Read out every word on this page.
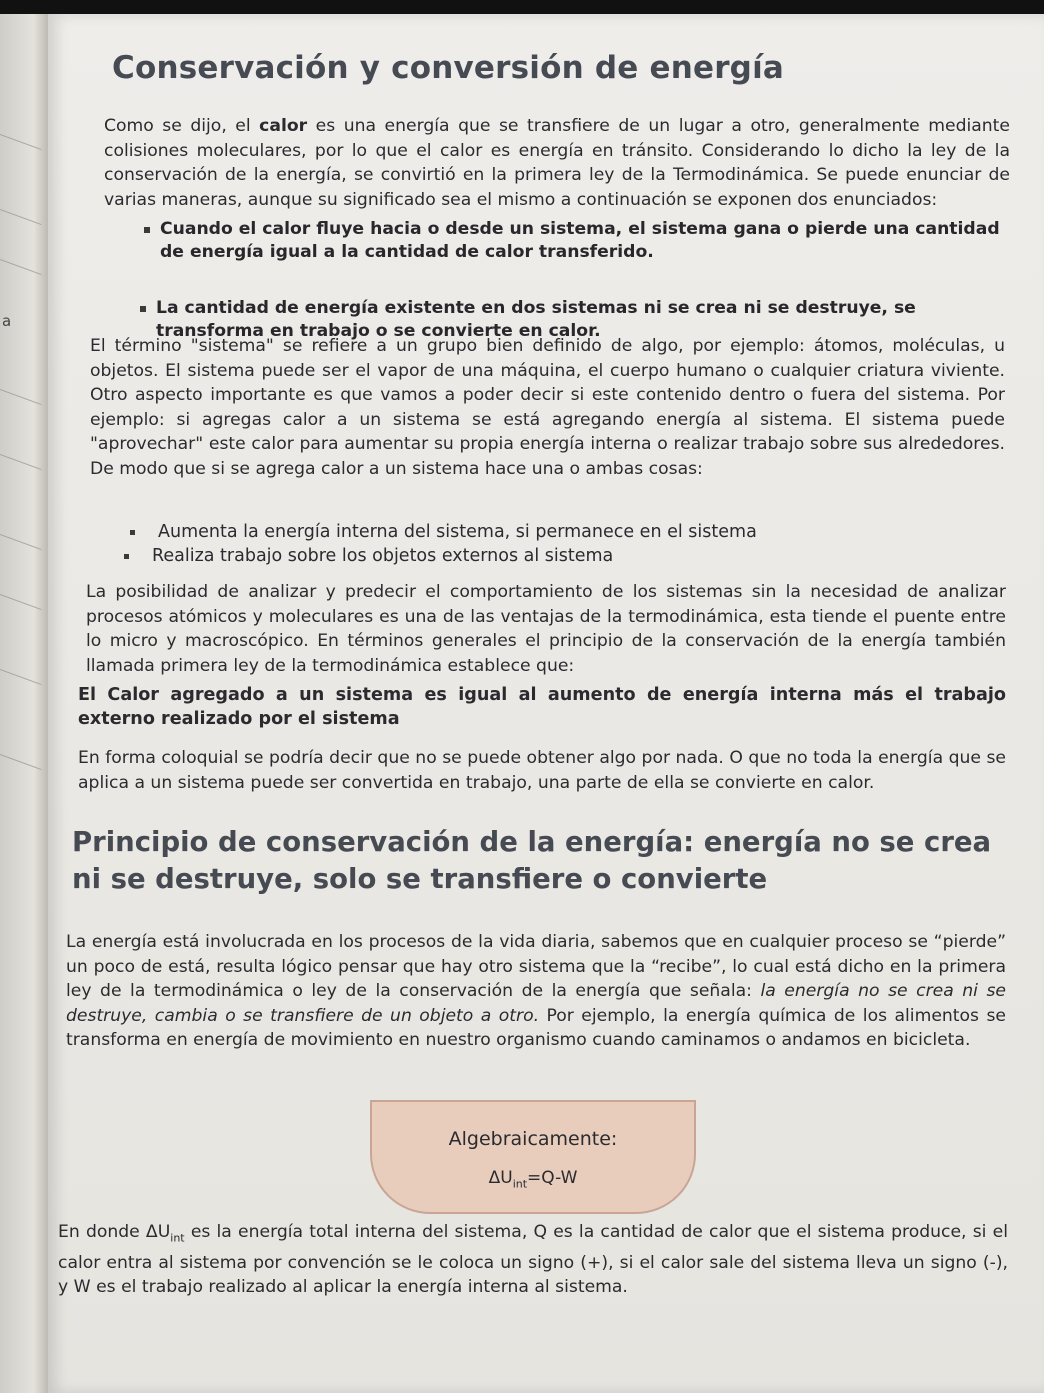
a
Conservación y conversión de energía

Como se dijo, el calor es una energía que se transfiere de un lugar a otro, generalmente mediante colisiones moleculares, por lo que el calor es energía en tránsito. Considerando lo dicho la ley de la conservación de la energía, se convirtió en la primera ley de la Termodinámica. Se puede enunciar de varias maneras, aunque su significado sea el mismo a continuación se exponen dos enunciados:

Cuando el calor fluye hacia o desde un sistema, el sistema gana o pierde una cantidad de energía igual a la cantidad de calor transferido.

La cantidad de energía existente en dos sistemas ni se crea ni se destruye, se transforma en trabajo o se convierte en calor.

El término "sistema" se refiere a un grupo bien definido de algo, por ejemplo: átomos, moléculas, u objetos. El sistema puede ser el vapor de una máquina, el cuerpo humano o cualquier criatura viviente. Otro aspecto importante es que vamos a poder decir si este contenido dentro o fuera del sistema. Por ejemplo: si agregas calor a un sistema se está agregando energía al sistema. El sistema puede "aprovechar" este calor para aumentar su propia energía interna o realizar trabajo sobre sus alrededores. De modo que si se agrega calor a un sistema hace una o ambas cosas:

Aumenta la energía interna del sistema, si permanece en el sistema

Realiza trabajo sobre los objetos externos al sistema

La posibilidad de analizar y predecir el comportamiento de los sistemas sin la necesidad de analizar procesos atómicos y moleculares es una de las ventajas de la termodinámica, esta tiende el puente entre lo micro y macroscópico. En términos generales el principio de la conservación de la energía también llamada primera ley de la termodinámica establece que:

El Calor agregado a un sistema es igual al aumento de energía interna más el trabajo externo realizado por el sistema

En forma coloquial se podría decir que no se puede obtener algo por nada. O que no toda la energía que se aplica a un sistema puede ser convertida en trabajo, una parte de ella se convierte en calor.

Principio de conservación de la energía: energía no se crea ni se destruye, solo se transfiere o convierte

La energía está involucrada en los procesos de la vida diaria, sabemos que en cualquier proceso se “pierde” un poco de está, resulta lógico pensar que hay otro sistema que la “recibe”, lo cual está dicho en la primera ley de la termodinámica o ley de la conservación de la energía que señala: la energía no se crea ni se destruye, cambia o se transfiere de un objeto a otro. Por ejemplo, la energía química de los alimentos se transforma en energía de movimiento en nuestro organismo cuando caminamos o andamos en bicicleta.

Algebraicamente:
$\Delta U_{int}=Q-W$

En donde $\Delta U_{int}$ es la energía total interna del sistema, Q es la cantidad de calor que el sistema produce, si el calor entra al sistema por convención se le coloca un signo (+), si el calor sale del sistema lleva un signo (-), y W es el trabajo realizado al aplicar la energía interna al sistema.
